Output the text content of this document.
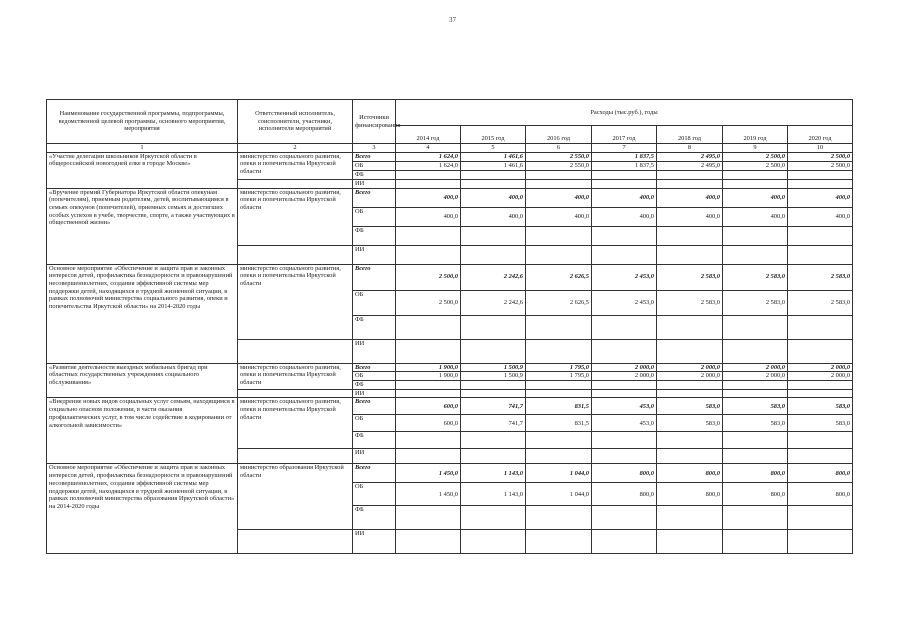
37
Наименование государственной программы, подпрограммы, ведомственной целевой программы, основного мероприятия, мероприятия	Ответственный исполнитель, соисполнители, участники, исполнители мероприятий	Источники финансирования	Расходы (тыс.руб.), годы						
			2014 год	2015 год	2016 год	2017 год	2018 год	2019 год	2020 год
1	2	3	4	5	6	7	8	9	10
«Участие делегации школьников Иркутской области в общероссийской новогодней елке в городе Москве»	министерство социального развития, опеки и попечительства Иркутской области	Всего	1 624,0	1 461,6	2 550,0	1 837,5	2 495,0	2 500,0	2 500,0
		ОБ	1 624,0	1 461,6	2 550,0	1 837,5	2 495,0	2 500,0	2 500,0
		ФБ							
		ИИ							
«Вручение премий Губернатора Иркутской области опекунам (попечителям), приемным родителям, детей, воспитывающимся в семьях опекунов (попечителей), приемных семьях и достигших особых успехов в учебе, творчестве, спорте, а также участвующих в общественной жизни»	министерство социального развития, опеки и попечительства Иркутской области	Всего	400,0	400,0	400,0	400,0	400,0	400,0	400,0
		ОБ	400,0	400,0	400,0	400,0	400,0	400,0	400,0
		ФБ							
		ИИ							
Основное мероприятие «Обеспечение и защита прав и законных интересов детей, профилактика безнадзорности и правонарушений несовершеннолетних, создания эффективной системы мер поддержки детей, находящихся в трудной жизненной ситуации, в рамках полномочий министерства социального развития, опеки и попечительства Иркутской области» на 2014-2020 годы	министерство социального развития, опеки и попечительства Иркутской области	Всего	2 500,0	2 242,6	2 626,5	2 453,0	2 583,0	2 583,0	2 583,0
		ОБ	2 500,0	2 242,6	2 626,5	2 453,0	2 583,0	2 583,0	2 583,0
		ФБ							
		ИИ							
«Развитие деятельности выездных мобильных бригад при областных государственных учреждениях социального обслуживания»	министерство социального развития, опеки и попечительства Иркутской области	Всего	1 900,0	1 500,9	1 795,0	2 000,0	2 000,0	2 000,0	2 000,0
		ОБ	1 900,0	1 500,9	1 795,0	2 000,0	2 000,0	2 000,0	2 000,0
		ФБ							
		ИИ							
«Внедрение новых видов социальных услуг семьям, находящимся в социально опасном положении, в части оказания профилактических услуг, в том числе содействие в кодировании от алкогольной зависимости»	министерство социального развития, опеки и попечительства Иркутской области	Всего	600,0	741,7	831,5	453,0	583,0	583,0	583,0
		ОБ	600,0	741,7	831,5	453,0	583,0	583,0	583,0
		ФБ							
		ИИ							
Основное мероприятие «Обеспечение и защита прав и законных интересов детей, профилактика безнадзорности и правонарушений несовершеннолетних, создания эффективной системы мер поддержки детей, находящихся в трудной жизненной ситуации, в рамках полномочий министерства образования Иркутской области» на 2014-2020 годы	министерство образования Иркутской области	Всего	1 450,0	1 143,0	1 044,0	800,0	800,0	800,0	800,0
		ОБ	1 450,0	1 143,0	1 044,0	800,0	800,0	800,0	800,0
		ФБ							
		ИИ							
